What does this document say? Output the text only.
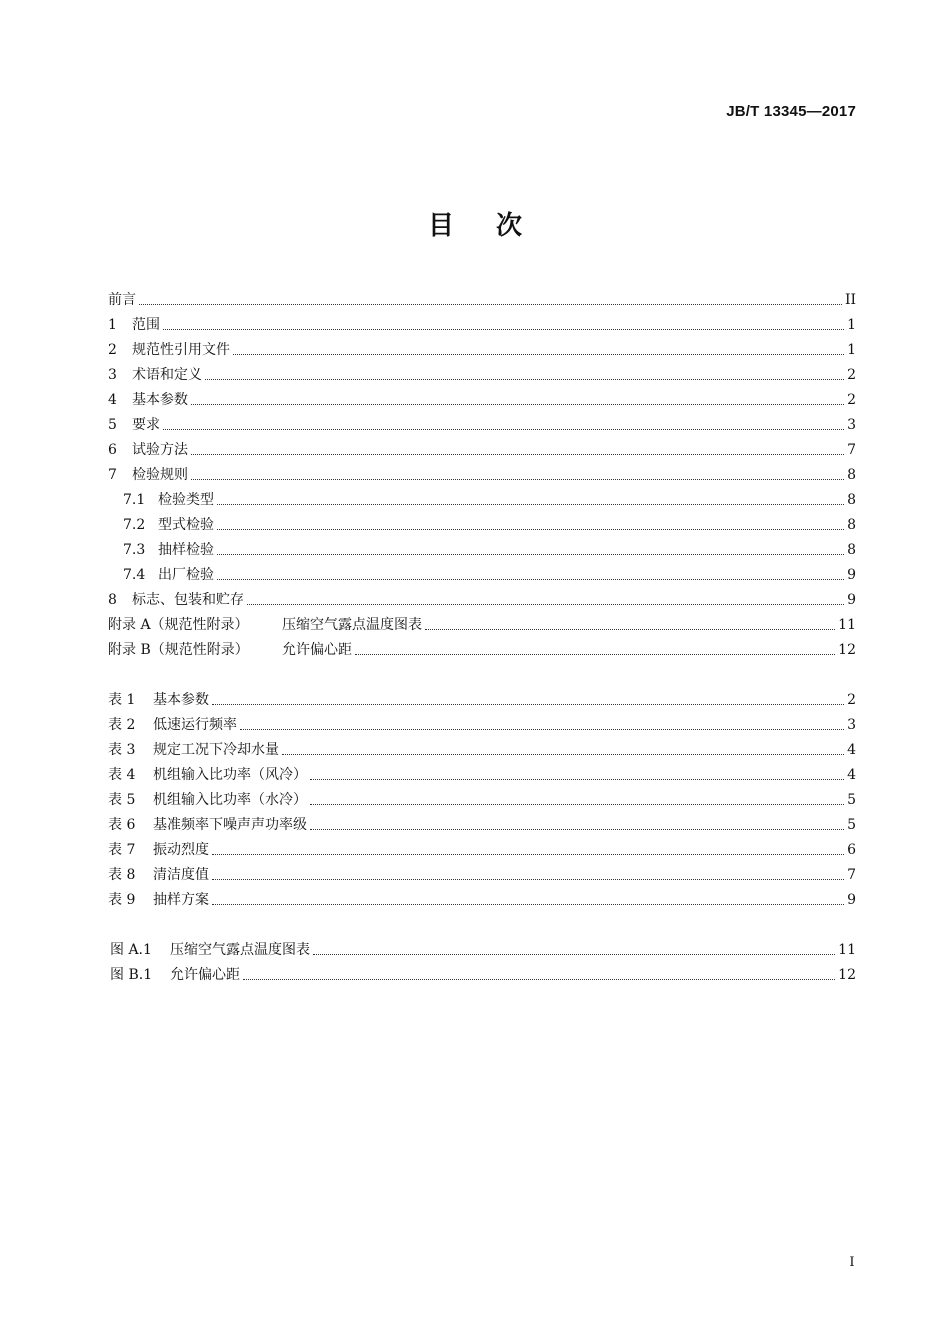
JB/T 13345—2017
目次
前言	II
1	范围	1
2	规范性引用文件	1
3	术语和定义	2
4	基本参数	2
5	要求	3
6	试验方法	7
7	检验规则	8
7.1 检验类型	8
7.2 型式检验	8
7.3 抽样检验	8
7.4 出厂检验	9
8	标志、包装和贮存	9
附录 A（规范性附录）	压缩空气露点温度图表	11
附录 B（规范性附录）	允许偏心距	12
表 1	基本参数	2
表 2	低速运行频率	3
表 3	规定工况下冷却水量	4
表 4	机组输入比功率（风冷）	4
表 5	机组输入比功率（水冷）	5
表 6	基准频率下噪声声功率级	5
表 7	振动烈度	6
表 8	清洁度值	7
表 9	抽样方案	9
图 A.1	压缩空气露点温度图表	11
图 B.1	允许偏心距	12
I
